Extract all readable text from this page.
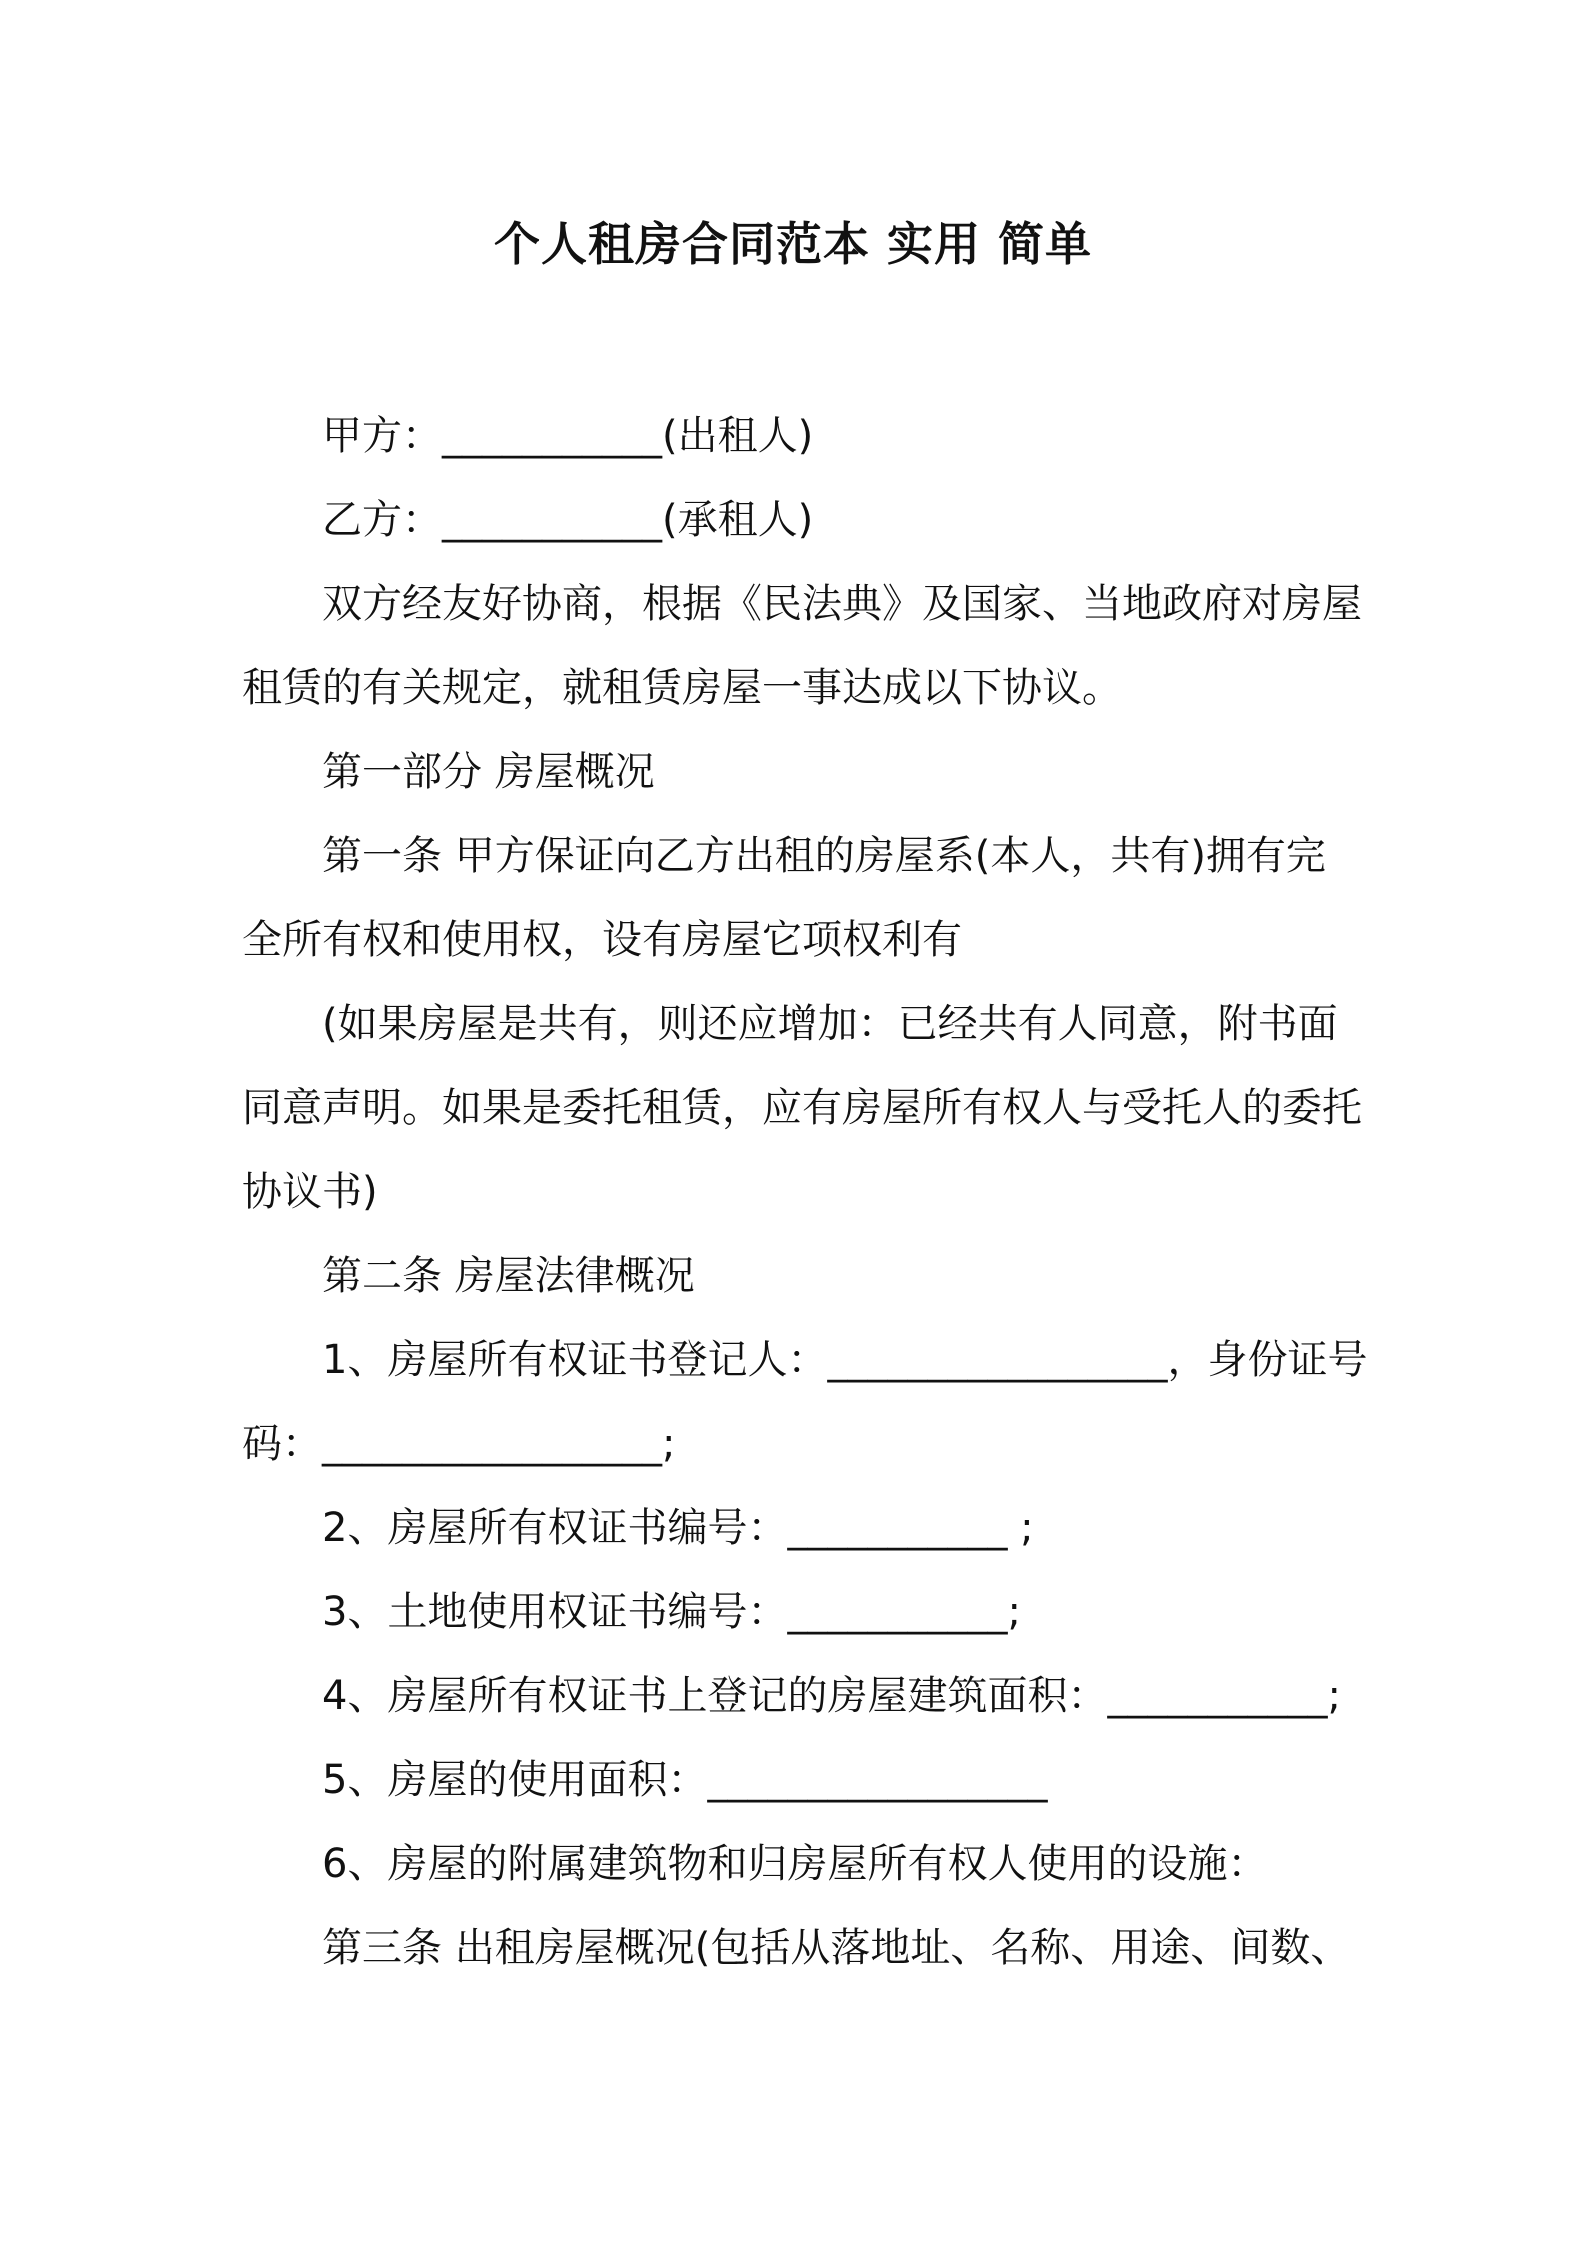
个人租房合同范本 实用 简单
甲方：___________(出租人)
乙方：___________(承租人)
双方经友好协商，根据《民法典》及国家、当地政府对房屋
租赁的有关规定，就租赁房屋一事达成以下协议。
第一部分 房屋概况
第一条 甲方保证向乙方出租的房屋系(本人，共有)拥有完
全所有权和使用权，设有房屋它项权利有
(如果房屋是共有，则还应增加：已经共有人同意，附书面
同意声明。如果是委托租赁，应有房屋所有权人与受托人的委托
协议书)
第二条 房屋法律概况
1、房屋所有权证书登记人：_________________，身份证号
码：_________________;
2、房屋所有权证书编号：___________ ;
3、土地使用权证书编号：___________;
4、房屋所有权证书上登记的房屋建筑面积：___________;
5、房屋的使用面积：_________________
6、房屋的附属建筑物和归房屋所有权人使用的设施：
第三条 出租房屋概况(包括从落地址、名称、用途、间数、
